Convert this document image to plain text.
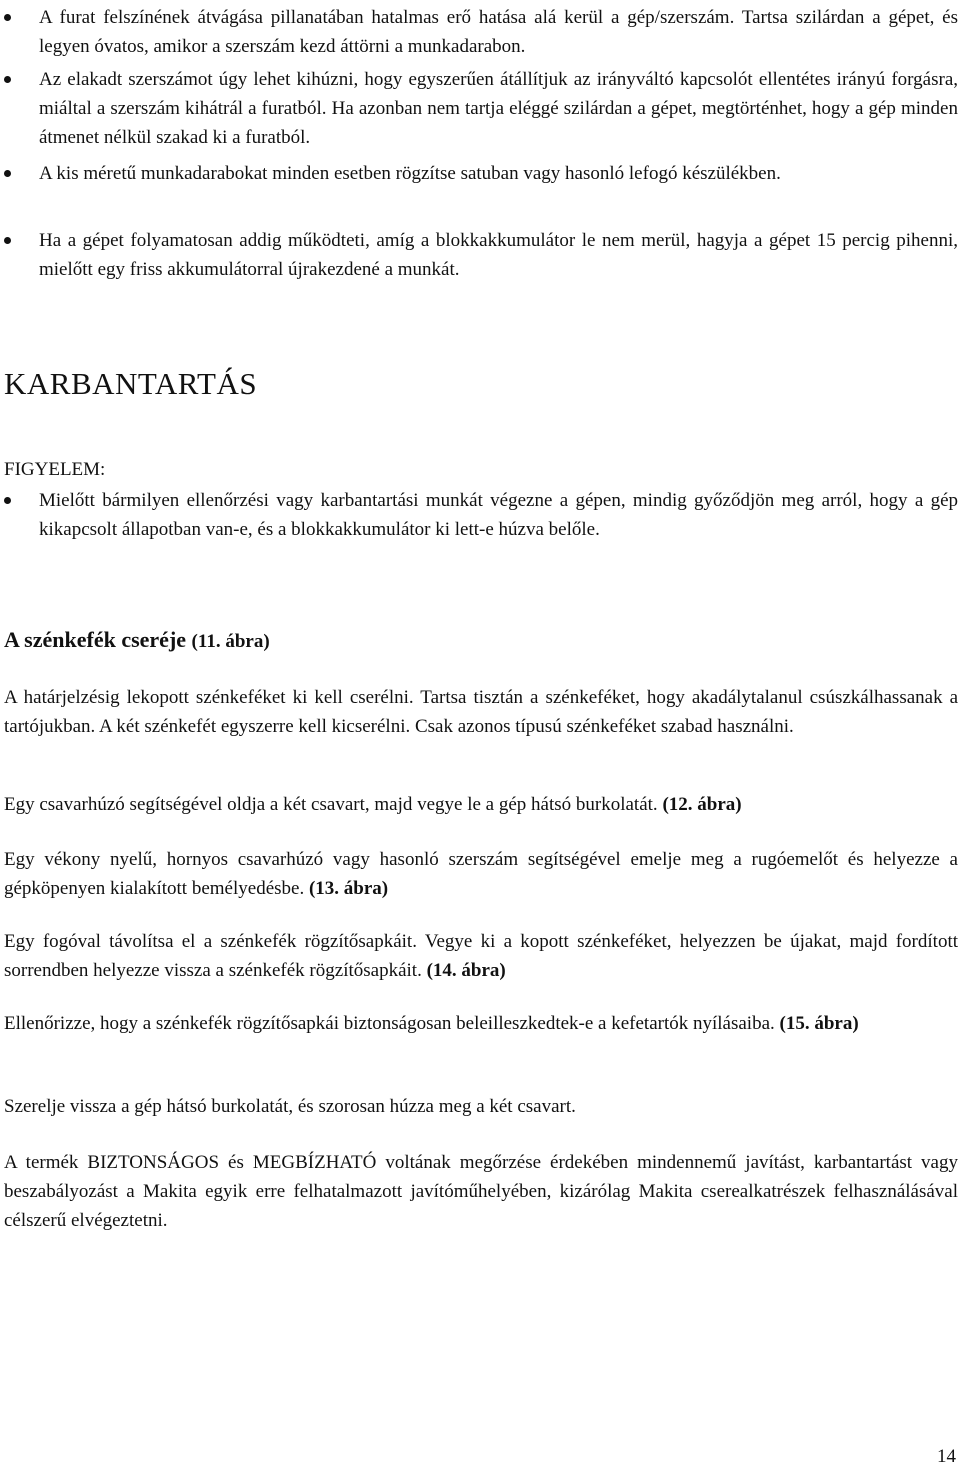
A furat felszínének átvágása pillanatában hatalmas erő hatása alá kerül a gép/szerszám. Tartsa szilárdan a gépet, és legyen óvatos, amikor a szerszám kezd áttörni a munkadarabon.
Az elakadt szerszámot úgy lehet kihúzni, hogy egyszerűen átállítjuk az irányváltó kapcsolót ellentétes irányú forgásra, miáltal a szerszám kihátrál a furatból. Ha azonban nem tartja eléggé szilárdan a gépet, megtörténhet, hogy a gép minden átmenet nélkül szakad ki a furatból.
A kis méretű munkadarabokat minden esetben rögzítse satuban vagy hasonló lefogó készülékben.
Ha a gépet folyamatosan addig működteti, amíg a blokkakkumulátor le nem merül, hagyja a gépet 15 percig pihenni, mielőtt egy friss akkumulátorral újrakezdené a munkát.
KARBANTARTÁS
FIGYELEM:
Mielőtt bármilyen ellenőrzési vagy karbantartási munkát végezne a gépen, mindig győződjön meg arról, hogy a gép kikapcsolt állapotban van-e, és a blokkakkumulátor ki lett-e húzva belőle.
A szénkefék cseréje (11. ábra)
A határjelzésig lekopott szénkeféket ki kell cserélni. Tartsa tisztán a szénkeféket, hogy akadálytalanul csúszkálhassanak a tartójukban. A két szénkefét egyszerre kell kicserélni. Csak azonos típusú szénkeféket szabad használni.
Egy csavarhúzó segítségével oldja a két csavart, majd vegye le a gép hátsó burkolatát. (12. ábra)
Egy vékony nyelű, hornyos csavarhúzó vagy hasonló szerszám segítségével emelje meg a rugóemelőt és helyezze a gépköpenyen kialakított bemélyedésbe. (13. ábra)
Egy fogóval távolítsa el a szénkefék rögzítősapkáit. Vegye ki a kopott szénkeféket, helyezzen be újakat, majd fordított sorrendben helyezze vissza a szénkefék rögzítősapkáit. (14. ábra)
Ellenőrizze, hogy a szénkefék rögzítősapkái biztonságosan beleilleszkedtek-e a kefetartók nyílásaiba. (15. ábra)
Szerelje vissza a gép hátsó burkolatát, és szorosan húzza meg a két csavart.
A termék BIZTONSÁGOS és MEGBÍZHATÓ voltának megőrzése érdekében mindennemű javítást, karbantartást vagy beszabályozást a Makita egyik erre felhatalmazott javítóműhelyében, kizárólag Makita cserealkatrészek felhasználásával célszerű elvégeztetni.
14
